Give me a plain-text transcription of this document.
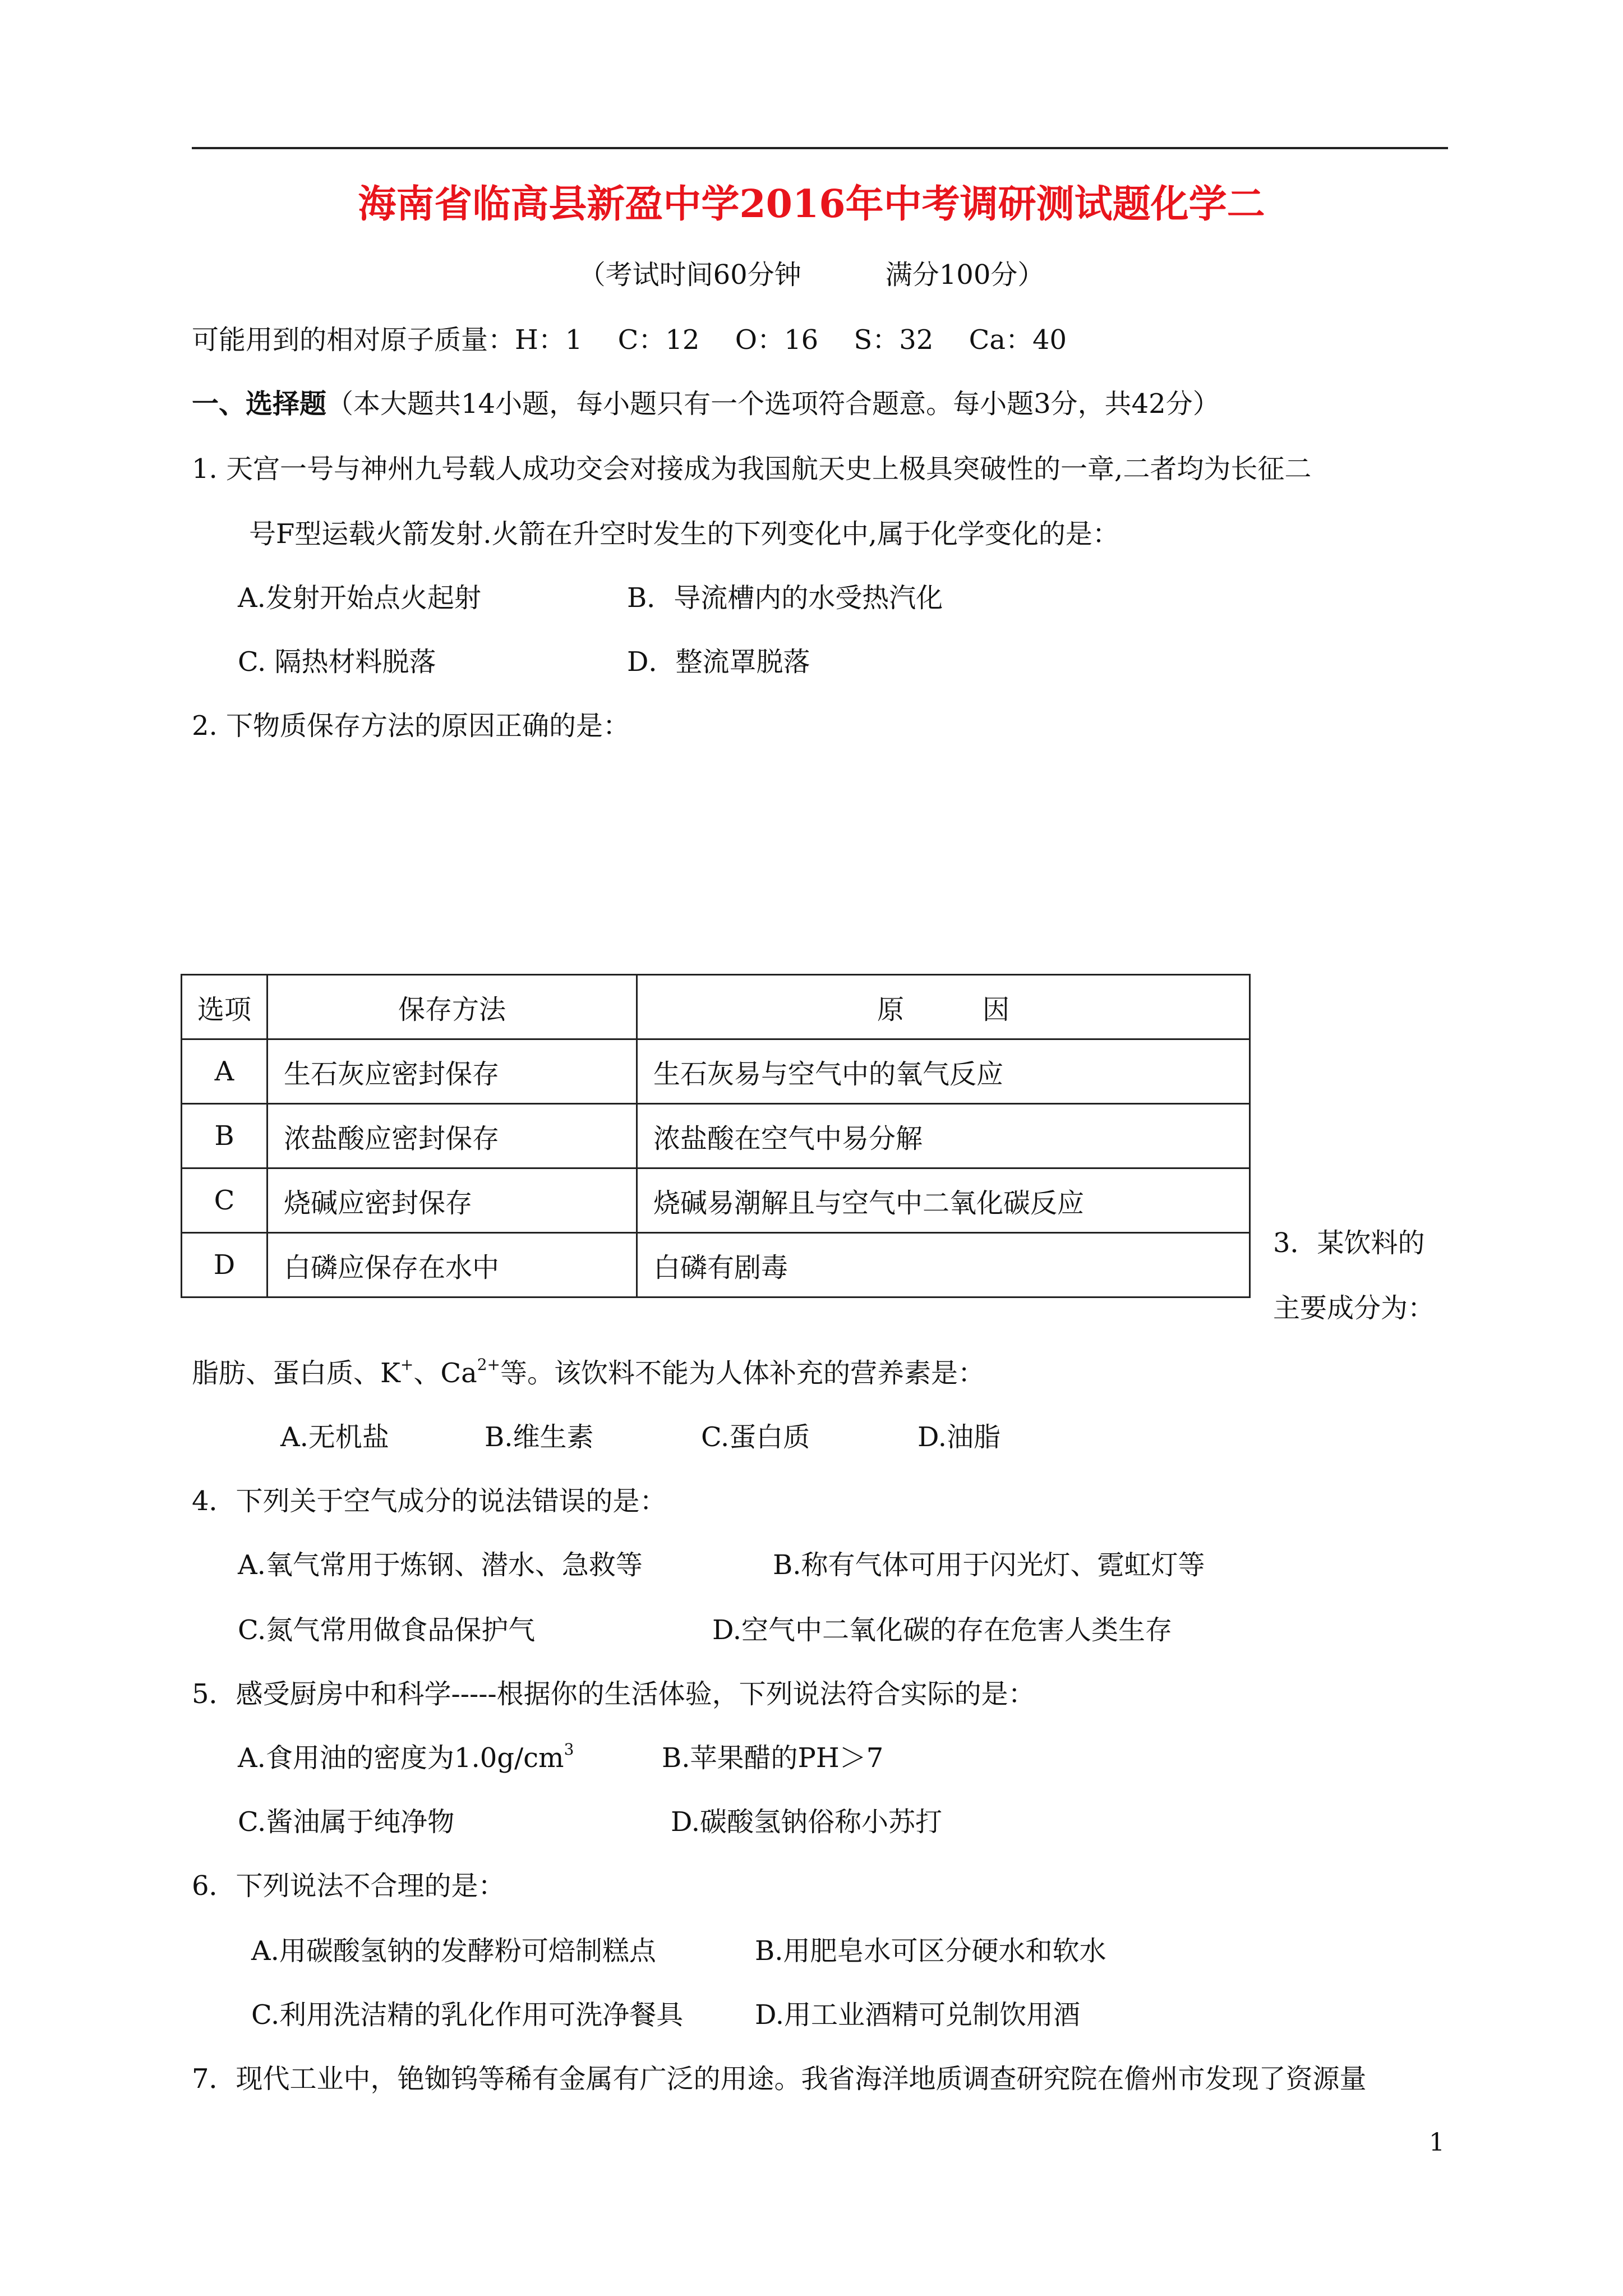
海南省临高县新盈中学2016年中考调研测试题化学二
（考试时间60分钟	满分100分）
可能用到的相对原子质量：H：1　 C：12　 O：16　 S：32　 Ca：40
一、选择题（本大题共14小题，每小题只有一个选项符合题意。每小题3分，共42分）
1. 天宫一号与神州九号载人成功交会对接成为我国航天史上极具突破性的一章,二者均为长征二
号F型运载火箭发射.火箭在升空时发生的下列变化中,属于化学变化的是：
A.发射开始点火起射	B．导流槽内的水受热汽化
C. 隔热材料脱落	D．整流罩脱落
2. 下物质保存方法的原因正确的是：
选项	保存方法	原 因
A	生石灰应密封保存	生石灰易与空气中的氧气反应
B	浓盐酸应密封保存	浓盐酸在空气中易分解
C	烧碱应密封保存	烧碱易潮解且与空气中二氧化碳反应
D	白磷应保存在水中	白磷有剧毒
3．某饮料的
主要成分为：
脂肪、蛋白质、K+、$Ca^{2+}$等。该饮料不能为人体补充的营养素是：
A.无机盐	B.维生素	C.蛋白质	D.油脂
4．下列关于空气成分的说法错误的是：
A.氧气常用于炼钢、潜水、急救等	B.称有气体可用于闪光灯、霓虹灯等
C.氮气常用做食品保护气	D.空气中二氧化碳的存在危害人类生存
5．感受厨房中和科学-----根据你的生活体验，下列说法符合实际的是：
A.食用油的密度为$1.0g/cm^3$	B.苹果醋的PH＞7
C.酱油属于纯净物	D.碳酸氢钠俗称小苏打
6．下列说法不合理的是：
A.用碳酸氢钠的发酵粉可焙制糕点	B.用肥皂水可区分硬水和软水
C.利用洗洁精的乳化作用可洗净餐具	D.用工业酒精可兑制饮用酒
7．现代工业中，铯铷钨等稀有金属有广泛的用途。我省海洋地质调查研究院在儋州市发现了资源量
1
